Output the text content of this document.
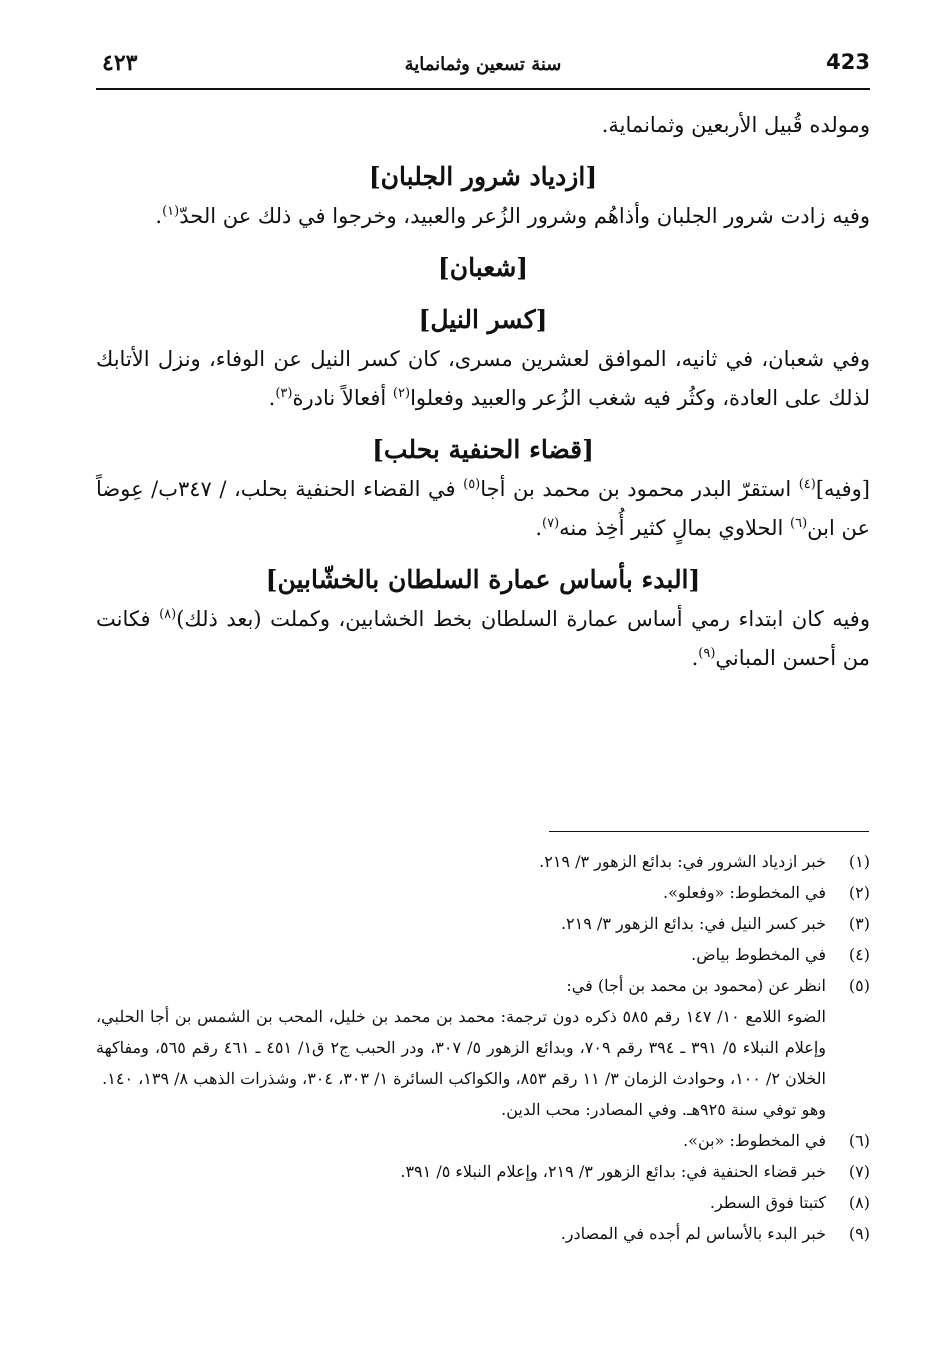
423
سنة تسعين وثمانماية
٤٢٣

ومولده قُبيل الأربعين وثمانماية.

[ازدياد شرور الجلبان]

وفيه زادت شرور الجلبان وأذاهُم وشرور الزُعر والعبيد، وخرجوا في ذلك عن الحدّ$^{(١)}$.

[شعبان]
[كسر النيل]

وفي شعبان، في ثانيه، الموافق لعشرين مسرى، كان كسر النيل عن الوفاء، ونزل الأتابك لذلك على العادة، وكثُر فيه شغب الزُعر والعبيد وفعلوا$^{(٢)}$ أفعالاً نادرة$^{(٣)}$.

[قضاء الحنفية بحلب]

[وفيه]$^{(٤)}$ استقرّ البدر محمود بن محمد بن أجا$^{(٥)}$ في القضاء الحنفية بحلب، / ٣٤٧ب/ عِوضاً عن ابن$^{(٦)}$ الحلاوي بمالٍ كثير أُخِذ منه$^{(٧)}$.

[البدء بأساس عمارة السلطان بالخشّابين]

وفيه كان ابتداء رمي أساس عمارة السلطان بخط الخشابين، وكملت (بعد ذلك)$^{(٨)}$ فكانت من أحسن المباني$^{(٩)}$.

(١)
خبر ازدياد الشرور في: بدائع الزهور ٣/ ٢١٩.
(٢)
في المخطوط: «وفعلو».
(٣)
خبر كسر النيل في: بدائع الزهور ٣/ ٢١٩.
(٤)
في المخطوط بياض.
(٥)
انظر عن (محمود بن محمد بن أجا) في:
الضوء اللامع ١٠/ ١٤٧ رقم ٥٨٥ ذكره دون ترجمة: محمد بن محمد بن خليل، المحب بن الشمس بن أجا الحلبي، وإعلام النبلاء ٥/ ٣٩١ ـ ٣٩٤ رقم ٧٠٩، وبدائع الزهور ٥/ ٣٠٧، ودر الحبب ج٢ ق١/ ٤٥١ ـ ٤٦١ رقم ٥٦٥، ومفاكهة الخلان ٢/ ١٠٠، وحوادث الزمان ٣/ ١١ رقم ٨٥٣، والكواكب السائرة ١/ ٣٠٣، ٣٠٤، وشذرات الذهب ٨/ ١٣٩، ١٤٠.
وهو توفي سنة ٩٢٥هـ. وفي المصادر: محب الدين.
(٦)
في المخطوط: «بن».
(٧)
خبر قضاء الحنفية في: بدائع الزهور ٣/ ٢١٩، وإعلام النبلاء ٥/ ٣٩١.
(٨)
كتبتا فوق السطر.
(٩)
خبر البدء بالأساس لم أجده في المصادر.
